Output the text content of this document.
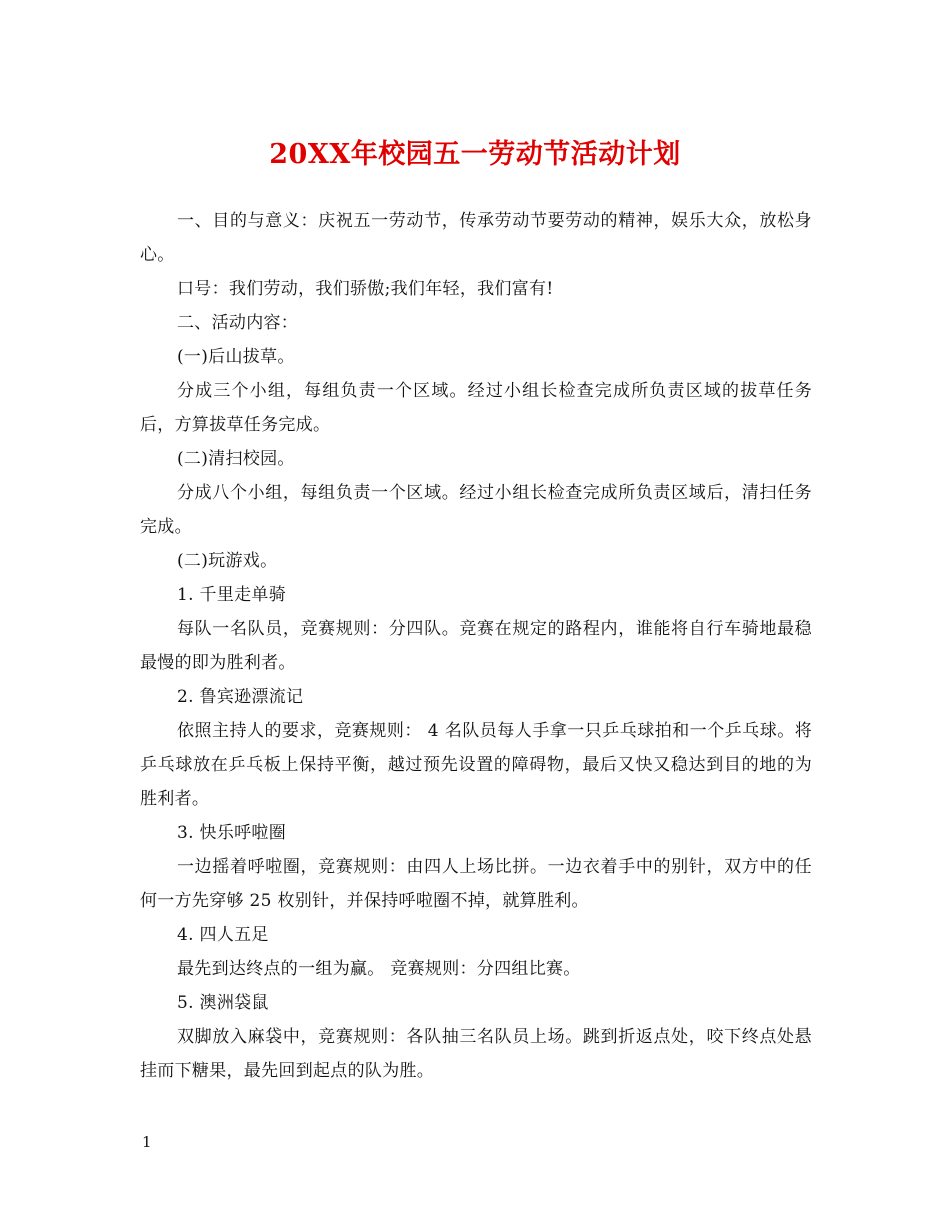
20XX年校园五一劳动节活动计划

一、目的与意义：庆祝五一劳动节，传承劳动节要劳动的精神，娱乐大众，放松身心。

口号：我们劳动，我们骄傲;我们年轻，我们富有!

二、活动内容：

(一)后山拔草。

分成三个小组，每组负责一个区域。经过小组长检查完成所负责区域的拔草任务后，方算拔草任务完成。

(二)清扫校园。

分成八个小组，每组负责一个区域。经过小组长检查完成所负责区域后，清扫任务完成。

(二)玩游戏。

1. 千里走单骑

每队一名队员，竞赛规则：分四队。竞赛在规定的路程内，谁能将自行车骑地最稳最慢的即为胜利者。

2. 鲁宾逊漂流记

依照主持人的要求，竞赛规则： 4 名队员每人手拿一只乒乓球拍和一个乒乓球。将乒乓球放在乒乓板上保持平衡，越过预先设置的障碍物，最后又快又稳达到目的地的为胜利者。

3. 快乐呼啦圈

一边摇着呼啦圈，竞赛规则：由四人上场比拼。一边衣着手中的别针，双方中的任何一方先穿够 25 枚别针，并保持呼啦圈不掉，就算胜利。

4. 四人五足

最先到达终点的一组为赢。 竞赛规则：分四组比赛。

5. 澳洲袋鼠

双脚放入麻袋中，竞赛规则：各队抽三名队员上场。跳到折返点处，咬下终点处悬挂而下糖果，最先回到起点的队为胜。

1
